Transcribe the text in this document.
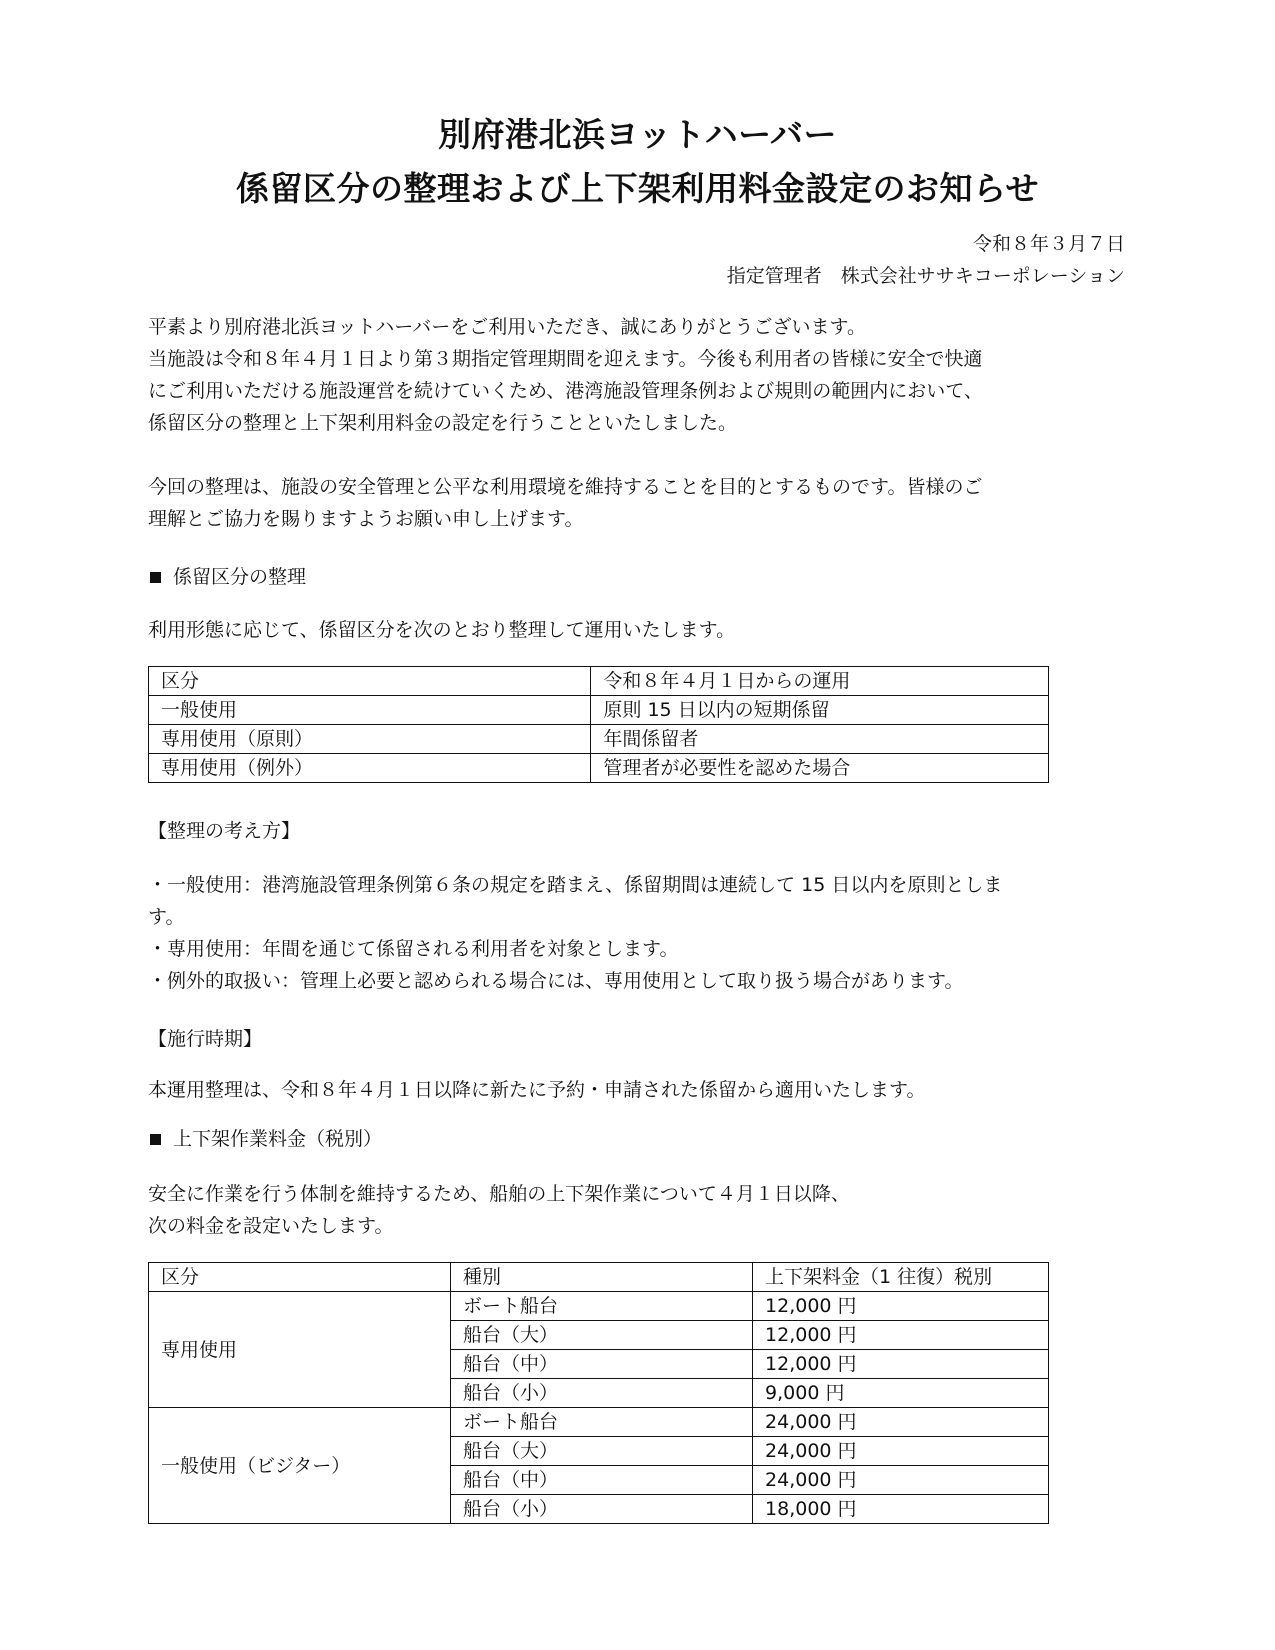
別府港北浜ヨットハーバー
係留区分の整理および上下架利用料金設定のお知らせ
令和８年３月７日
指定管理者　株式会社ササキコーポレーション
平素より別府港北浜ヨットハーバーをご利用いただき、誠にありがとうございます。
当施設は令和８年４月１日より第３期指定管理期間を迎えます。今後も利用者の皆様に安全で快適
にご利用いただける施設運営を続けていくため、港湾施設管理条例および規則の範囲内において、
係留区分の整理と上下架利用料金の設定を行うことといたしました。
今回の整理は、施設の安全管理と公平な利用環境を維持することを目的とするものです。皆様のご
理解とご協力を賜りますようお願い申し上げます。
係留区分の整理
利用形態に応じて、係留区分を次のとおり整理して運用いたします。
区分	令和８年４月１日からの運用
一般使用	原則 15 日以内の短期係留
専用使用（原則）	年間係留者
専用使用（例外）	管理者が必要性を認めた場合
【整理の考え方】
・一般使用：港湾施設管理条例第６条の規定を踏まえ、係留期間は連続して 15 日以内を原則としま
す。
・専用使用：年間を通じて係留される利用者を対象とします。
・例外的取扱い：管理上必要と認められる場合には、専用使用として取り扱う場合があります。
【施行時期】
本運用整理は、令和８年４月１日以降に新たに予約・申請された係留から適用いたします。
上下架作業料金（税別）
安全に作業を行う体制を維持するため、船舶の上下架作業について４月１日以降、
次の料金を設定いたします。
区分	種別	上下架料金（1 往復）税別
専用使用	ボート船台	12,000 円
	船台（大）	12,000 円
	船台（中）	12,000 円
	船台（小）	9,000 円
一般使用（ビジター）	ボート船台	24,000 円
	船台（大）	24,000 円
	船台（中）	24,000 円
	船台（小）	18,000 円
